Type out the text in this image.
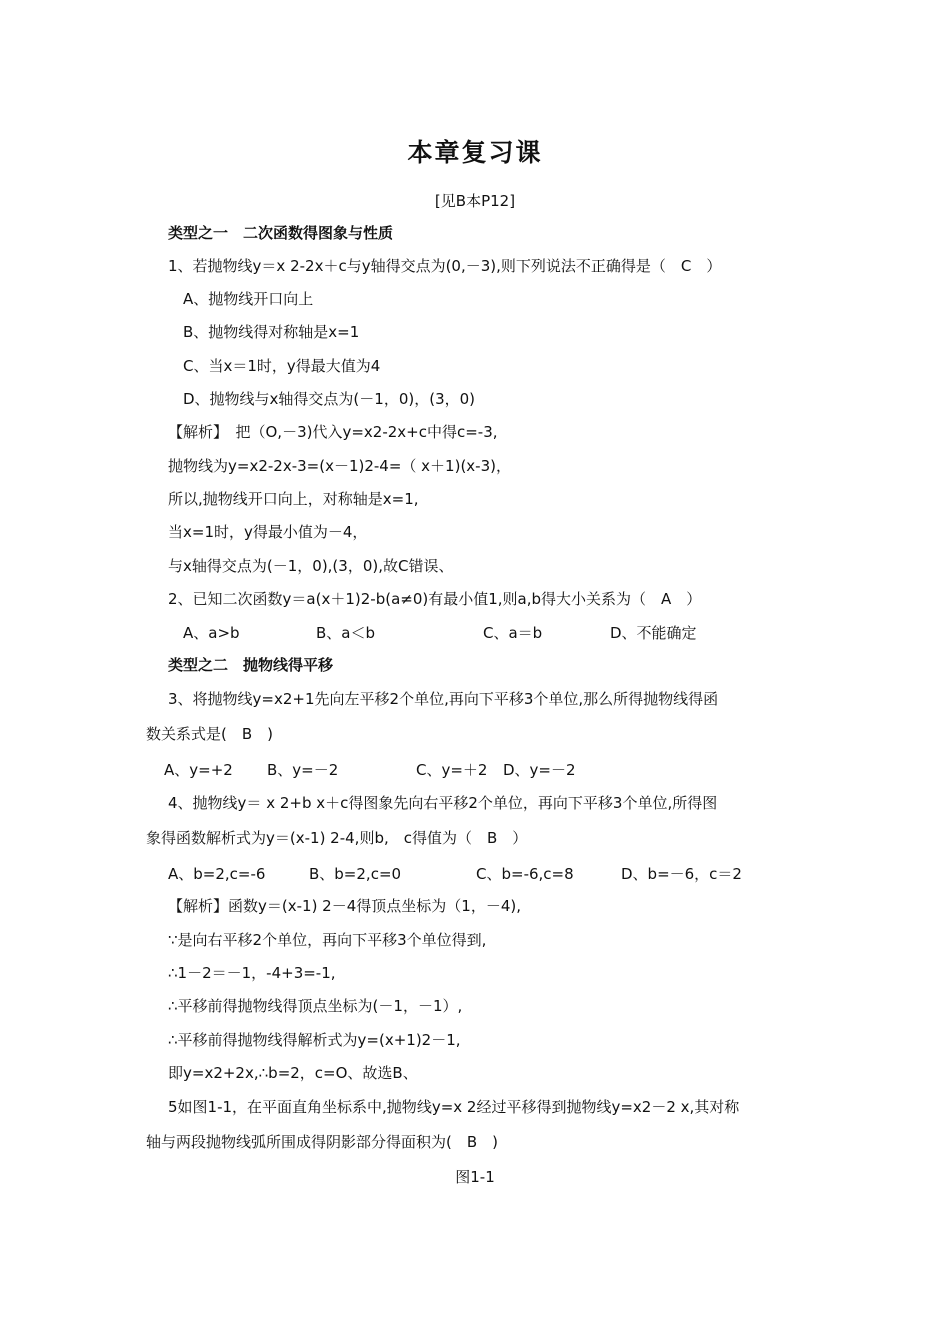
本章复习课
[见B本P12]
类型之一　二次函数得图象与性质
1、若抛物线y＝x 2-2x＋c与y轴得交点为(0,－3),则下列说法不正确得是（　C　）
A、抛物线开口向上
B、抛物线得对称轴是x=1
C、当x＝1时，y得最大值为4
D、抛物线与x轴得交点为(－1，0)，(3，0)
【解析】　把（O,－3)代入y=x2-2x+c中得c=-3,
抛物线为y=x2-2x-3=(x－1)2-4=（ x＋1)(x-3)，
所以,抛物线开口向上，对称轴是x=1,
当x=1时，y得最小值为－4，
与x轴得交点为(－1，0),(3，0),故C错误、
2、已知二次函数y＝a(x＋1)2-b(a≠0)有最小值1,则a,b得大小关系为（　A　）
A、a>b	B、a＜b	C、a＝b	D、不能确定
类型之二　抛物线得平移
3、将抛物线y=x2+1先向左平移2个单位,再向下平移3个单位,那么所得抛物线得函
数关系式是(　B　)
A、y=+2 B、y=－2	C、y=＋2 D、y=－2
4、抛物线y＝ x 2+b x＋c得图象先向右平移2个单位，再向下平移3个单位,所得图
象得函数解析式为y＝(x-1) 2-4,则b,　c得值为（　B　）
A、b=2,c=-6	B、b=2,c=0	C、b=-6,c=8	D、b=－6，c＝2
【解析】函数y＝(x-1) 2－4得顶点坐标为（1，－4),
∵是向右平移2个单位，再向下平移3个单位得到,
∴1－2＝－1，-4+3=-1,
∴平移前得抛物线得顶点坐标为(－1，－1）,
∴平移前得抛物线得解析式为y=(x+1)2－1,
即y=x2+2x,∴b=2，c=O、故选B、
5如图1-1，在平面直角坐标系中,抛物线y=x 2经过平移得到抛物线y=x2－2 x,其对称
轴与两段抛物线弧所围成得阴影部分得面积为(　B　)
图1-1
